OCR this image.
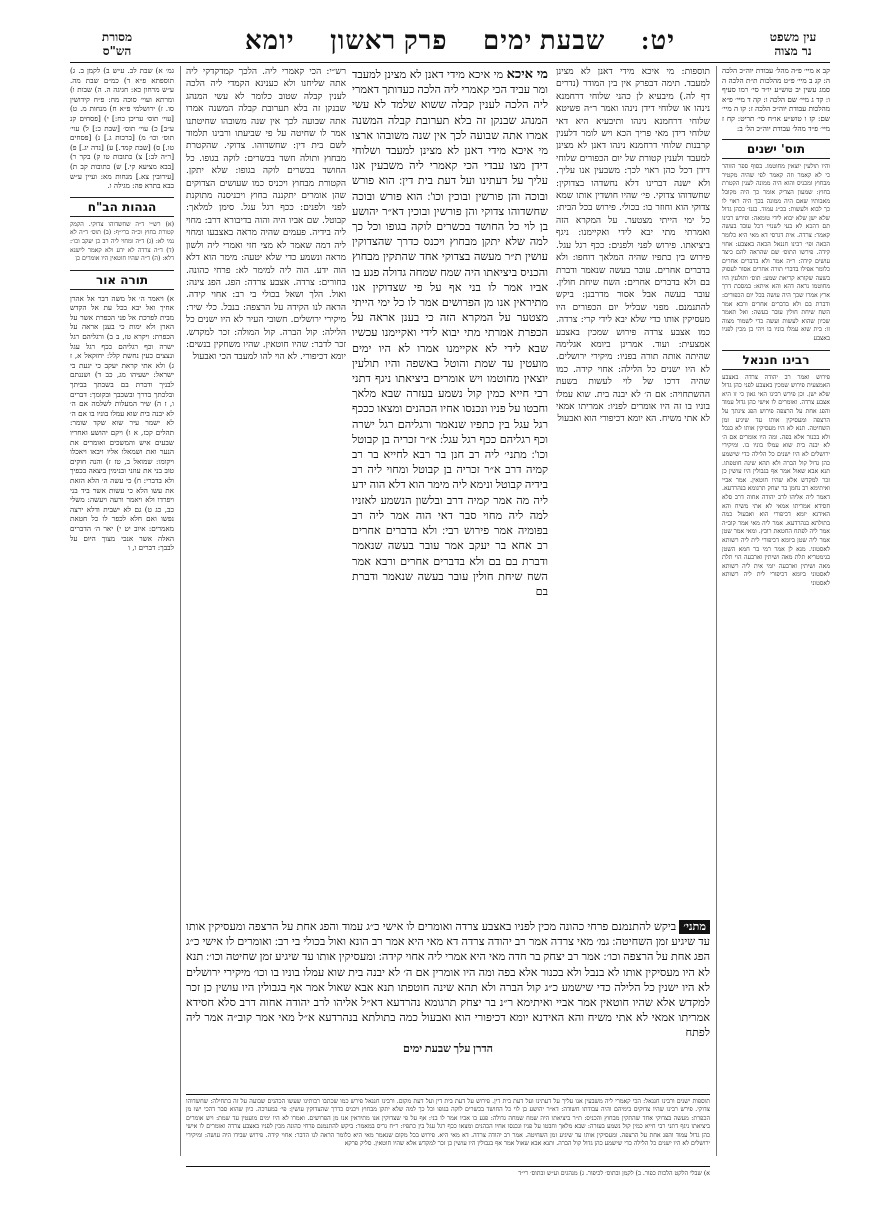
עין משפט
נר מצוה
יט: שבעת ימים פרק ראשון יומא
מסורת
הש"ס
קב א מיי׳ פ״ה מהל׳ עבודת יוה״כ הלכה ה: קג ב מיי׳ פ״ט מהלכות ת״ת הלכה ה סמג עשין יב טוש״ע יו״ד סי׳ רמו סעיף ו: קד ג מיי׳ שם הלכה ו: קה ד מיי׳ פ״א מהלכות עבודת יוה״כ הלכה ז: קו ה מיי׳ שם: קז ו טוש״ע או״ח סי׳ תריט: קח ז מיי׳ פ״ד מהל׳ עבודת יוה״כ הל׳ ב:
תוס' ישנים
והיו תולעין יוצאין מחוטמו. בסוף ספר הזוהר כי לא קאמר וזה קאמר לפי שהיה מקטיר מבחוץ ומכניס והוא היה ממונה לענין הקטרת בחוץ: שמעון הצדיק אומר כך היה מקובל מאבותיו שאם היה ממונה בכך היה ראוי לו כך לבוא ולעשות: בכ״ג עמוד. בגנז׳ בכהן גדול שלא ישן שלא יבוא לידי טומאה: ופירש רבינו תם דהכא לא בעי לשנויי דכל עובד בעשה קאמר: צרדה. אית דגרסי דא מאי היא כלומר הכאה ופי׳ רבינו חננאל הכאה באצבע: אחוי קידה. פירשו התוס׳ שם שהראה להם כיצד עושים קידה: ר״ה אמר ולא בדברים אחרים כלומר אפילו בדברי תורה אחרים אסור לעסוק בשעה שקורא קריאת שמע: תוס׳ ותולעין היו מחוטמו נראה דהא והא איתא: במסכת דרך ארץ אמרו שכך היה עושה בכל יום הכפורים: ודברת בם ולא בדברים אחרים ורבא אמר השח שיחת חולין עובר בעשה: ואל תאמר שכיון שהוא לעשות ועשה כדי לשמור מצוה זו: בית שוא עמלו בוניו בו ויהי בן מכין לפניו באצבע
רבינו חננאל
פירוש ואמר רב יהודה צרדה באצבע האמצעית פירוש שמכין באצבע לפני כהן גדול שלא ישן. וכן פירש רבינו האי גאון כי זו היא אצבע צרדה. ואומרים לו אישי כהן גדול עמוד והפג אחת על הרצפה פירוש הפג צינתך על הרצפה ומעסיקין אותו עד שיגיע זמן השחיטה. תנא לא היו מעסיקין אותו לא בנבל ולא בכנור אלא בפה. ומה היו אומרים אם ה׳ לא יבנה בית שוא עמלו בוניו בו. ומיקירי ירושלים לא היו ישנים כל הלילה כדי שישמע כהן גדול קול הברה ולא תהא שינה חוטפתו. תנא אבא שאול אמר אף בגבולין היו עושין כן זכר למקדש אלא שהיו חוטאין. אמר אביי ואיתימא רב נחמן בר יצחק תרגומא בנהרדעא. דאמר ליה אליהו לרב יהודה אחוה דרב סלא חסידא אמריתו אמאי לא אתי משיח והא האידנא יומא דכיפורי הוא ואבעול כמה בתולתא בנהרדעא. אמר ליה מאי אמר קוב״ה אמר ליה לפתח החטאת רובץ. ומאי אמר שטן אמר ליה שטן ביומא דכיפורי לית ליה רשותא לאסטוני. מנא לן אמר רמי בר חמא השטן בגימטריא תלת מאה ושיתין וארבעה הוי תלת מאה ושיתין וארבעה יומי אית ליה רשותא לאסטוני ביומא דכיפורי לית ליה רשותא לאסטוני
תוספות: מי איכא מידי דאנן לא מצינן למעבד. תימה דבפרק אין בין המודר (נדרים דף לה.) מיבעיא לן כהני שלוחי דרחמנא נינהו או שלוחי דידן נינהו ואמר ר״ה פשיטא שלוחי דרחמנא נינהו ותיבעיא היא דאי שלוחי דידן מאי פריך הכא ויש לומר דלענין קרבנות שלוחי דרחמנא נינהו דאנן לא מצינן למעבד ולענין קטורת של יום הכפורים שלוחי דידן דכל כהן ראוי לכך: משבעין אנו עליך. ולא ישנה דברינו דלא נחשדהו בצדוקין: שחשדוהו צדוקי. פי׳ שהיו חושדין אותו שמא צדוקי הוא וחוזר בו: בכולי. פירוש בכל הבית: כל ימי הייתי מצטער. על המקרא הזה ואמרתי מתי יבא לידי ואקיימנו: ניגף ביציאתו. פירוש לפני ולפנים: ככף רגל עגל. פירוש בין כתפיו שהיה המלאך דוחפו: ולא בדברים אחרים. עובר בעשה שנאמר ודברת בם ולא בדברים אחרים: השח שיחת חולין. עובר בעשה אבל אסור מדרבנן: ביקש להתנמנם. מפני שבליל יום הכפורים היו מעסיקין אותו כדי שלא יבא לידי קרי: צרדה. כמו אצבע צרדה פירוש שמכין באצבע אמצעית: ועוד. אמרינן ביומא אגלימה שהיתה אותה תורה בפניו: מיקירי ירושלים. לא היו ישנים כל הלילה: אחוי קידה. כמו שהיה דרכו של לוי לעשות בשעת ההשתחויה: אם ה׳ לא יבנה בית. שוא עמלו בוניו בו זה היו אומרים לפניו: אמריתו אמאי לא אתי משיח. הא יומא דכיפורי הוא ואבעול
מי איכא מי איכא מידי דאנן לא מצינן למעבד ומר עביד הכי קאמרי ליה הלכה כעדותך דאמרי ליה הלכה לענין קבלה ששוא שלמד לא עשי המנהג שבנקן זה בלא תערובת קבלה המשנה אמרו אתה שבועה לכך אין שנה משובהו ארצו מי איכא מידי דאנן לא מצינן למעבד ושלוחי דידן מצו עבדי הכי קאמרי ליה משבעין אנו עליך על דעתינו ועל דעת בית דין: הוא פורש ובוכה והן פורשין ובוכין וכו': הוא פורש ובוכה שחשדוהו צדוקי והן פורשין ובוכין דא״ר יהושע בן לוי כל החושד בכשרים לוקה בגופו וכל כך למה שלא יתקן מבחוץ ויכנס כדרך שהצדוקין עושין ת״ר מעשה בצדוקי אחד שהתקין מבחוץ והכניס ביציאתו היה שמח שמחה גדולה פגע בו אביו אמר לו בני אף על פי שצדוקין אנו מתיראין אנו מן הפרושים אמר לו כל ימי הייתי מצטער על המקרא הזה כי בענן אראה על הכפרת אמרתי מתי יבוא לידי ואקיימנו עכשיו שבא לידי לא אקיימנו אמרו לא היו ימים מועטין עד שמת והוטל באשפה והיו תולעין יוצאין מחוטמו ויש אומרים ביציאתו ניגף דתני רבי חייא כמין קול נשמע בעזרה שבא מלאך וחבטו על פניו ונכנסו אחיו הכהנים ומצאו כככף רגל עגל בין כתפיו שנאמר ורגליהם רגל ישרה וכף רגליהם ככף רגל עגל: א״ר זכריה בן קבוטל וכו': מתני׳ ליה רב חנן בר רבא לחייא בר רב קמיה דרב א״ר זכריה בן קבוטל ומחוי ליה רב בידיה קבוטל ונימא ליה מימר הוא דלא הוה ידע ליה מה אמר קמיה דרב ובלשון הנשמע לאזניו למה ליה מחוי סבר דאי הוה אמר ליה רב בפומיה אמר פירוש רבי: ולא בדברים אחרים רב אחא בר יעקב אמר עובר בעשה שנאמר ודברת בם בם ולא בדברים אחרים ורבא אמר השח שיחת חולין עובר בעשה שנאמר ודברת בם
רש״י: הכי קאמרי ליה. הלכך קמדקדקי ליה אתה שליחנו ולא כענינא הקמדי ליה הלכה לענין קבלה שטוב כלומר לא עשי המנהג שבנקן זה בלא תערובת קבלה המשנה אמרו אתה שבועה לכך אין שנה משובהו שחיטתנו אמר לו שחיטה על פי שביעתו ורבינו תלמוד לשם בית דין: שחשדוהו. צדוקי. שהקטרת מבחוץ ותולה חשד בכשרים: לוקה בגופו. כל החושד בכשרים לוקה בגופו: שלא יתקן. הקטורת מבחוץ ויכניס כמו שעושים הצדוקים שהן אומרים יתקננה בחוץ ויכניסנה מתוקנת לפני ולפנים: ככף רגל עגל. סימן למלאך: קבוטל. שם אביו היה והוה בדיבורא דרב: מחוי ליה בידיה. פעמים שהיה מראה באצבעו ומחוי ליה דמה שאמר לא מצי חזי ואמרי ליה ולשון מראה ונשמע כדי שלא יטעה: מימר הוא דלא הוה ידע. הוה ליה למימר לא: פרחי כהונה. בחורים: צרדה. אצבע צרדה: הפג. הפג צינה: ואול. הלך ושאל בכולי בי רב: אחוי קידה. הראה לנו הקידה על הרצפה: בנבל. כלי שיר: מיקירי ירושלים. חשובי העיר לא היו ישנים כל הלילה: קול הברה. קול המולה: זכר למקדש. זכר לדבר: שהיו חוטאין. שהיו משחקין בנשים: יומא דכיפורי. לא הוי להו למעבד הכי ואבעול
מתני׳ ביקש להתנמנם פרחי כהונה מכין לפניו באצבע צרדה ואומרים לו אישי כ״ג עמוד והפג אחת על הרצפה ומעסיקין אותו עד שיגיע זמן השחיטה: גמ׳ מאי צרדה אמר רב יהודה צרדה דא מאי היא אמר רב הונא ואול בכולי בי רב: ואומרים לו אישי כ״ג הפג אחת על הרצפה וכו׳: אמר רב יצחק בר חדה מאי היא אמרי ליה אחוי קידה: ומעסיקין אותו עד שיגיע זמן שחיטה וכו׳: תנא לא היו מעסיקין אותו לא בנבל ולא בכנור אלא בפה ומה היו אומרין אם ה׳ לא יבנה בית שוא עמלו בוניו בו וכו׳ מיקירי ירושלים לא היו ישנין כל הלילה כדי שישמע כ״ג קול הברה ולא תהא שינה חוטפתו תנא אבא שאול אמר אף בגבולין היו עושין כן זכר למקדש אלא שהיו חוטאין אמר אביי ואיתימא ר״נ בר יצחק תרגומא נהרדעא דא״ל אליהו לרב יהודה אחוה דרב סלא חסידא אמריתו אמאי לא אתי משיח והא האידנא יומא דכיפורי הוא ואבעול כמה בתולתא בנהרדעא א״ל מאי אמר קוב״ה אמר ליה לפתח
הדרן עלך שבעת ימים
גמ׳ א) שבת לב. ע״ש ב) לקמן ב. ג) תוספתא פ״א ד) כמ״ם שבת מה. ע״ש מרחון כא: חגיגה ה. ה) שבות ו) ומרתא ועוי׳ סוכה מח: פ״ח קידושין סו. ז) ירושלמי פ״א ח) מנחות מ. ט) [עוי׳ תוס׳ עריכן כח:] י) [פסחים קנ ע״ב] כ) עוי׳ תוס׳ [שבת כ:] ל) עוי׳ תוס׳ וכו׳ מ) [ברכות ג.] נ) [פסחים טו.] ס) [שבת קמד.] ע) [נדה יג.] פ) [ר״ה לב:] צ) כתובות טו ק) בקר ר) [בבא מציעא קי.] ש) כתובות קב ת) [עירובין צא.] מנחות מא: ועיין ע״ש בבא בתרא פה: מגילה ו.
הגהות הב"ח
(א) רש״י ד״ה שחשדוהו צדוקי. הקמק קטורת בחוץ וכ״ה ברי״ף: (ב) תוס׳ ד״ה לא נמי לא: (ג) ד״ה ומחוי ליה רב כן יעקב וכו׳: (ד) ד״ה צרדה לא ידע ולא קאמר לישנא דלא: (ה) ד״ה שהיו חוטאין היו אומרים כן
תורה אור
א) ויאמר ה׳ אל משה דבר אל אהרן אחיך ואל יבא בכל עת אל הקדש מבית לפרכת אל פני הכפרת אשר על הארן ולא ימות כי בענן אראה על הכפרת: ויקרא טז, ב ב) ורגליהם רגל ישרה וכף רגליהם ככף רגל עגל ונצצים כעין נחשת קלל: יחזקאל א, ז ג) ולא אתי קראת יעקב כי יגעת בי ישראל: ישעיהו מג, כב ד) ושננתם לבניך ודברת בם בשבתך בביתך ובלכתך בדרך ובשכבך ובקומך: דברים ו, ז ה) שיר המעלות לשלמה אם ה׳ לא יבנה בית שוא עמלו בוניו בו אם ה׳ לא ישמר עיר שוא שקד שומר: תהלים קכז, א ו) ויקם יהושע ואחריו שבעים איש והמשכים ואומרים את הנער ואת ושמאלו אליו ויבאו ויאכלו ויקומו: שמואל ב, טז ז) והנה חוקים טוב בני את עוזני ובנימין ביצאה בכפיך ולא בדברי: ח) כי עשה ה׳ הלא הזאת את עשו הלא כי עשות אשר ביד בני ויפרדו ולא ויאמר ורעה ויעשה: משלי כב, כג ט) גם לא ישבית ודלא ירצה נפשו ואם חלא לכפר לו כל חטאת מאמרים: איוב יט י) יאר ה׳ הדברים האלה אשר אנכי מצוך היום על לבבך: דברים ו, ו
תוספות ישנים ורבינו חננאל: הכי קאמרי ליה משבעין אנו עליך על דעתינו ועל דעת בית דין. פירוש על דעת בית דין ועל דעת מקום. ורבינו חננאל פירש כמו שכתבו רבותינו שעשו הכהנים שבועה על זה בתחילה: שחשדוהו צדוקי. פירש רבינו שהיו צדוקים בימיהם והיה עבודתו חשודה: דא״ר יהושע בן לוי כל החושד בכשרים לוקה בגופו וכל כך למה שלא יתקן מבחוץ ויכניס כדרך שהצדוקין עושין: פי׳ במערכה. כיון שהוא סבר דהכי ישו מן הכפרת: מעשה בצדוקי אחד שהתקין מבחוץ והכניס: ת״ר ביציאתו היה שמח שמחה גדולה: פגע בו אביו אמר לו בני: אף על פי שצדוקין אנו מתיראין אנו מן הפרושים. ואמרו לא היו ימים מועטין עד שמת: ויש אומרים ביציאתו ניגף דתני רבי חייא כמין קול נשמע בעזרה: שבא מלאך וחבטו על פניו ונכנסו אחיו הכהנים ומצאו ככף רגל עגל בין כתפיו: ר״ח גריס במאמר: ביקש להתנמנם פרחי כהונה מכין לפניו באצבע צרדה ואומרים לו אישי כהן גדול עמוד והפג אחת על הרצפה. ומעסיקין אותו עד שיגיע זמן השחיטה. אמר רב יהודה צרדה. דא מאי היא. פירוש בכל מקום שנאמר מאי היא כלומר הראה לנו הדבר: אחוי קידה. פירוש שבידו היה עושה: ומיקירי ירושלים לא היו ישנים כל הלילה כדי שישמע כהן גדול קול הברה. ותנא אבא שאול אמר אף בגבולין היו עושין כן זכר למקדש אלא שהיו חוטאין. סליק פרקא
א) שבלי הלקט הלכות כפור. ב) לקמן ובתוס׳ לכיפור. ג) מנהגים וע״ש ובתוס׳ רי״ד
